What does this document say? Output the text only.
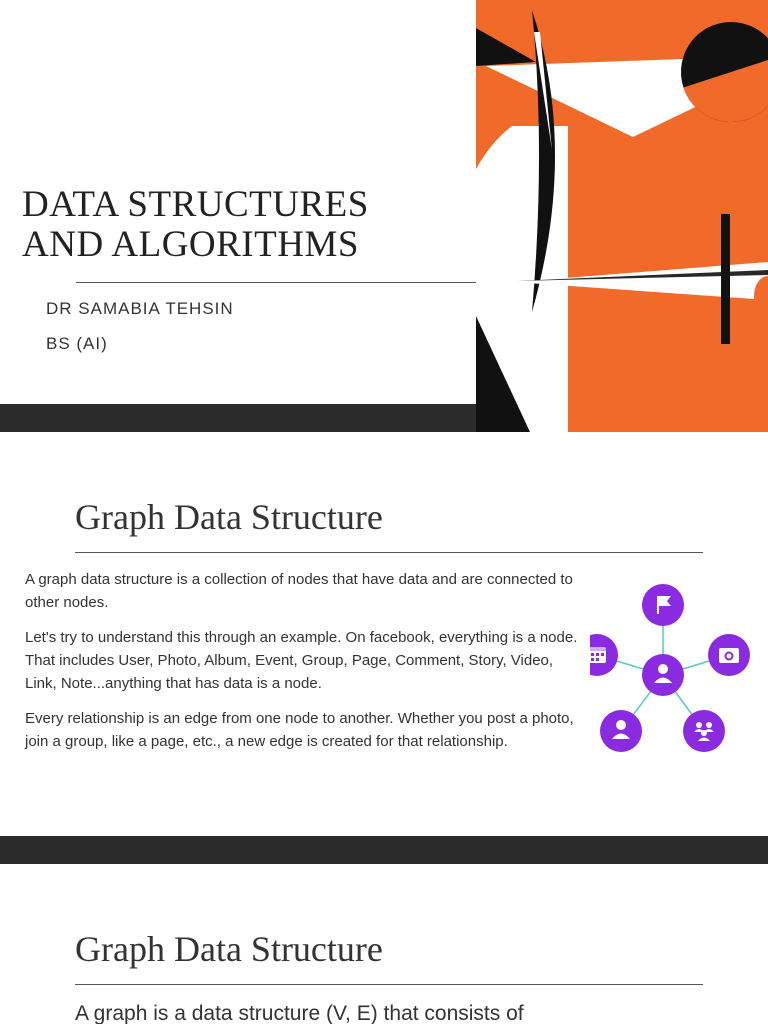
DATA STRUCTURES
AND ALGORITHMS
DR SAMABIA TEHSIN
BS (AI)
Graph Data Structure

A graph data structure is a collection of nodes that have data and are connected to other nodes.

Let's try to understand this through an example. On facebook, everything is a node. That includes User, Photo, Album, Event, Group, Page, Comment, Story, Video, Link, Note...anything that has data is a node.

Every relationship is an edge from one node to another. Whether you post a photo, join a group, like a page, etc., a new edge is created for that relationship.

Graph Data Structure

A graph is a data structure (V, E) that consists of
